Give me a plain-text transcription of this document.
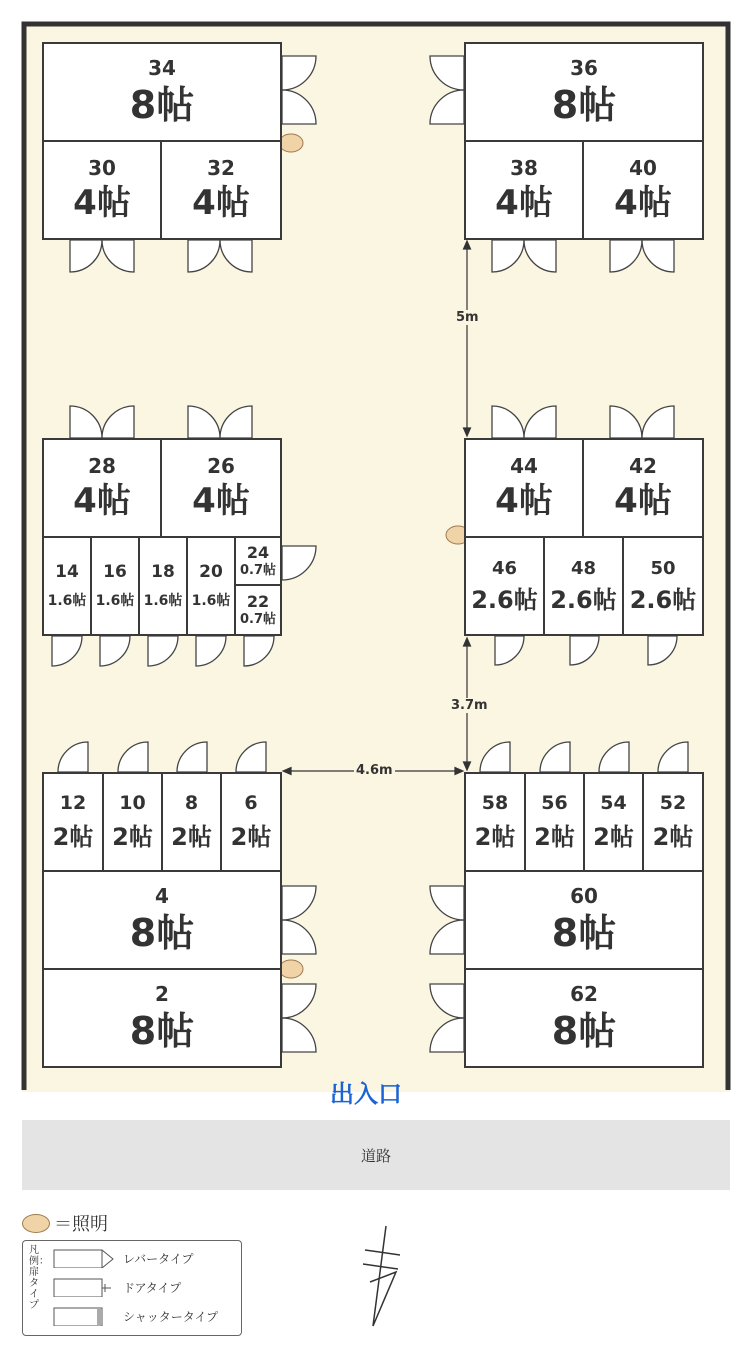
34
8帖
30
4帖
32
4帖
36
8帖
38
4帖
40
4帖
28
4帖
26
4帖
14
1.6帖
16
1.6帖
18
1.6帖
20
1.6帖
24
0.7帖
22
0.7帖
44
4帖
42
4帖
46
2.6帖
48
2.6帖
50
2.6帖
12
2帖
10
2帖
8
2帖
6
2帖
4
8帖
2
8帖
58
2帖
56
2帖
54
2帖
52
2帖
60
8帖
62
8帖
5m
3.7m
4.6m
出入口
道路
＝照明
凡例：扉タイプ
レバータイプ
ドアタイプ
シャッタータイプ
